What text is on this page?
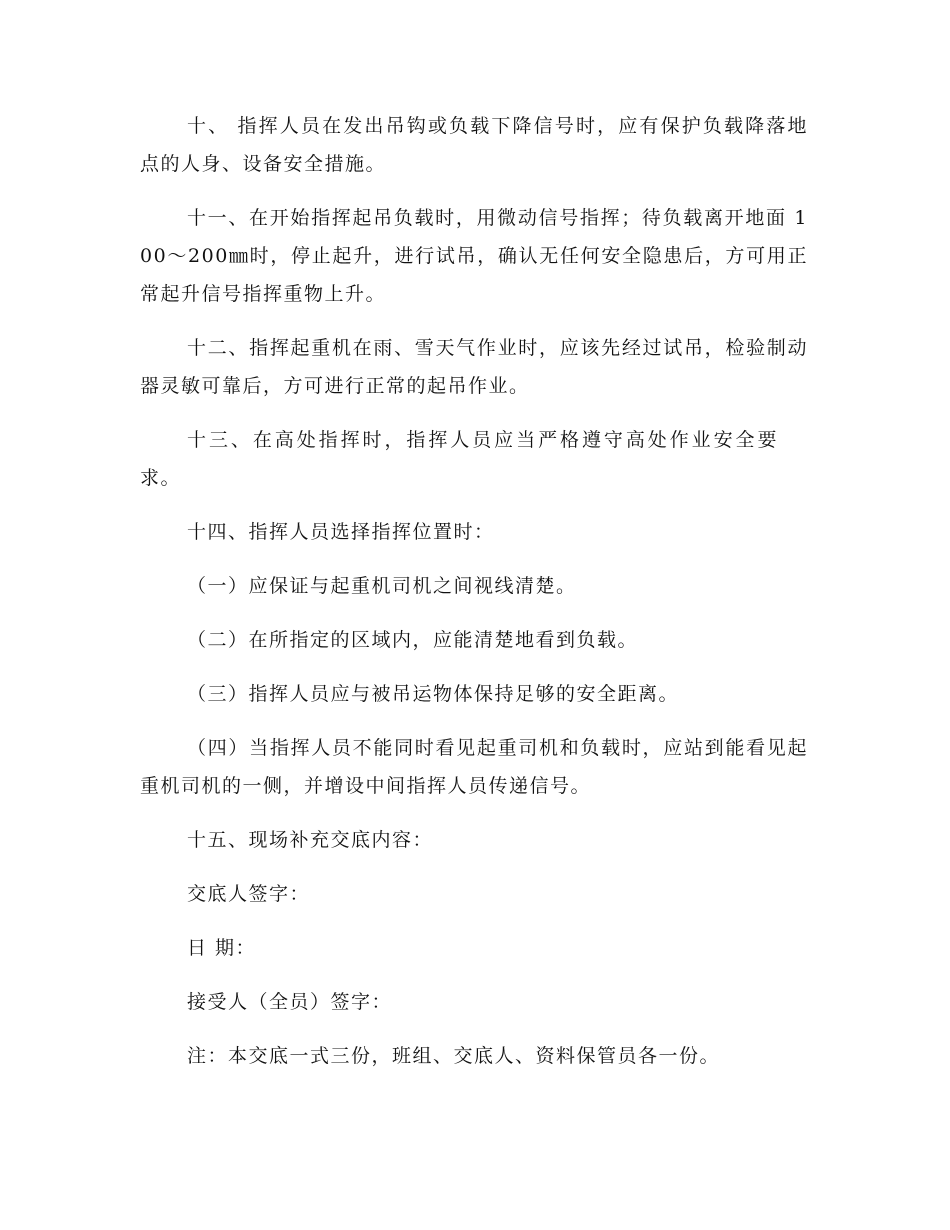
十、 指挥人员在发出吊钩或负载下降信号时，应有保护负载降落地点的人身、设备安全措施。

十一、在开始指挥起吊负载时，用微动信号指挥；待负载离开地面 100～200㎜时，停止起升，进行试吊，确认无任何安全隐患后，方可用正常起升信号指挥重物上升。

十二、指挥起重机在雨、雪天气作业时，应该先经过试吊，检验制动器灵敏可靠后，方可进行正常的起吊作业。

十三、在高处指挥时，指挥人员应当严格遵守高处作业安全要求。

十四、指挥人员选择指挥位置时：

（一）应保证与起重机司机之间视线清楚。

（二）在所指定的区域内，应能清楚地看到负载。

（三）指挥人员应与被吊运物体保持足够的安全距离。

（四）当指挥人员不能同时看见起重司机和负载时，应站到能看见起重机司机的一侧，并增设中间指挥人员传递信号。

十五、现场补充交底内容：

交底人签字：

日 期：

接受人（全员）签字：

注：本交底一式三份，班组、交底人、资料保管员各一份。
